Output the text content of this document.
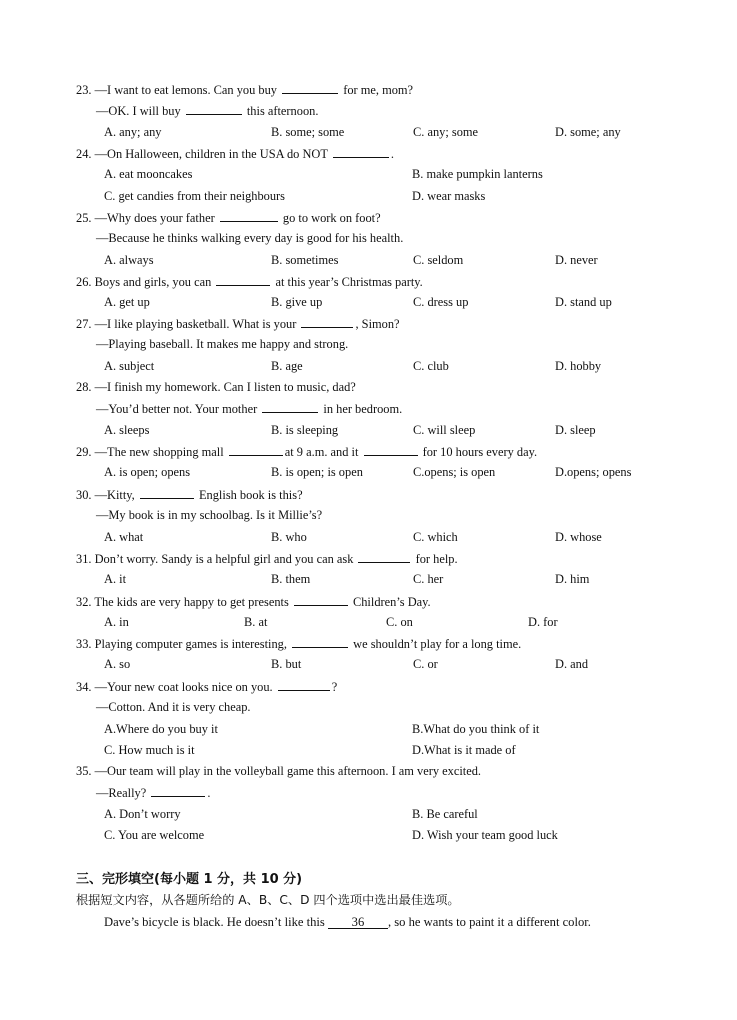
23. —I want to eat lemons. Can you buy	for me, mom?
—OK. I will buy	this afternoon.
A. any; any	B. some; some	C. any; some	D. some; any
24. —On Halloween, children in the USA do NOT	.
A. eat mooncakes	B. make pumpkin lanterns
C. get candies from their neighbours	D. wear masks
25. —Why does your father	go to work on foot?
—Because he thinks walking every day is good for his health.
A. always	B. sometimes	C. seldom	D. never
26. Boys and girls, you can	at this year’s Christmas party.
A. get up	B. give up	C. dress up	D. stand up
27. —I like playing basketball. What is your	, Simon?
—Playing baseball. It makes me happy and strong.
A. subject	B. age	C. club	D. hobby
28. —I finish my homework. Can I listen to music, dad?
—You’d better not. Your mother	in her bedroom.
A. sleeps	B. is sleeping	C. will sleep	D. sleep
29. —The new shopping mall	at 9 a.m. and it	for 10 hours every day.
A. is open; opens	B. is open; is open	C.opens; is open	D.opens; opens
30. —Kitty,	English book is this?
—My book is in my schoolbag. Is it Millie’s?
A. what	B. who	C. which	D. whose
31. Don’t worry. Sandy is a helpful girl and you can ask	for help.
A. it	B. them	C. her	D. him
32. The kids are very happy to get presents	Children’s Day.
A. in	B. at	C. on	D. for
33. Playing computer games is interesting,	we shouldn’t play for a long time.
A. so	B. but	C. or	D. and
34. —Your new coat looks nice on you.	?
—Cotton. And it is very cheap.
A.Where do you buy it	B.What do you think of it
C. How much is it	D.What is it made of
35. —Our team will play in the volleyball game this afternoon. I am very excited.
—Really?	.
A. Don’t worry	B. Be careful
C. You are welcome	D. Wish your team good luck
三、完形填空(每小题 1 分，共 10 分)
根据短文内容，从各题所给的 A、B、C、D 四个选项中选出最佳选项。
Dave’s bicycle is black. He doesn’t like this 36 , so he wants to paint it a different color.
